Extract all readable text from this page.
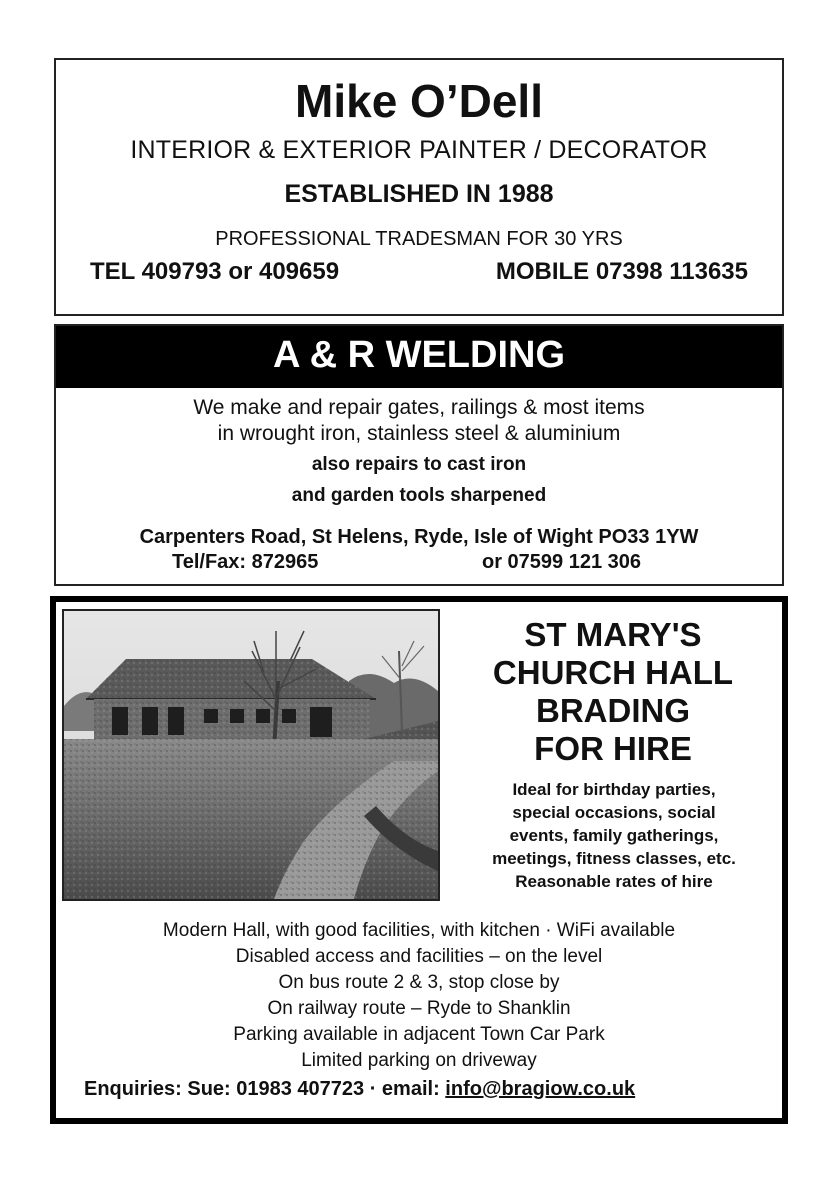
Mike O’Dell
INTERIOR & EXTERIOR PAINTER / DECORATOR
ESTABLISHED IN 1988
PROFESSIONAL TRADESMAN FOR 30 YRS
TEL 409793 or 409659	MOBILE 07398 113635
A & R WELDING
We make and repair gates, railings & most items
in wrought iron, stainless steel & aluminium
also repairs to cast iron
and garden tools sharpened
Carpenters Road, St Helens, Ryde, Isle of Wight PO33 1YW
Tel/Fax: 872965	or 07599 121 306
ST MARY'S
CHURCH HALL
BRADING
FOR HIRE
Ideal for birthday parties,
special occasions, social
events, family gatherings,
meetings, fitness classes, etc.
Reasonable rates of hire
Modern Hall, with good facilities, with kitchen · WiFi available
Disabled access and facilities – on the level
On bus route 2 & 3, stop close by
On railway route – Ryde to Shanklin
Parking available in adjacent Town Car Park
Limited parking on driveway
Enquiries: Sue: 01983 407723 · email: info@bragiow.co.uk
